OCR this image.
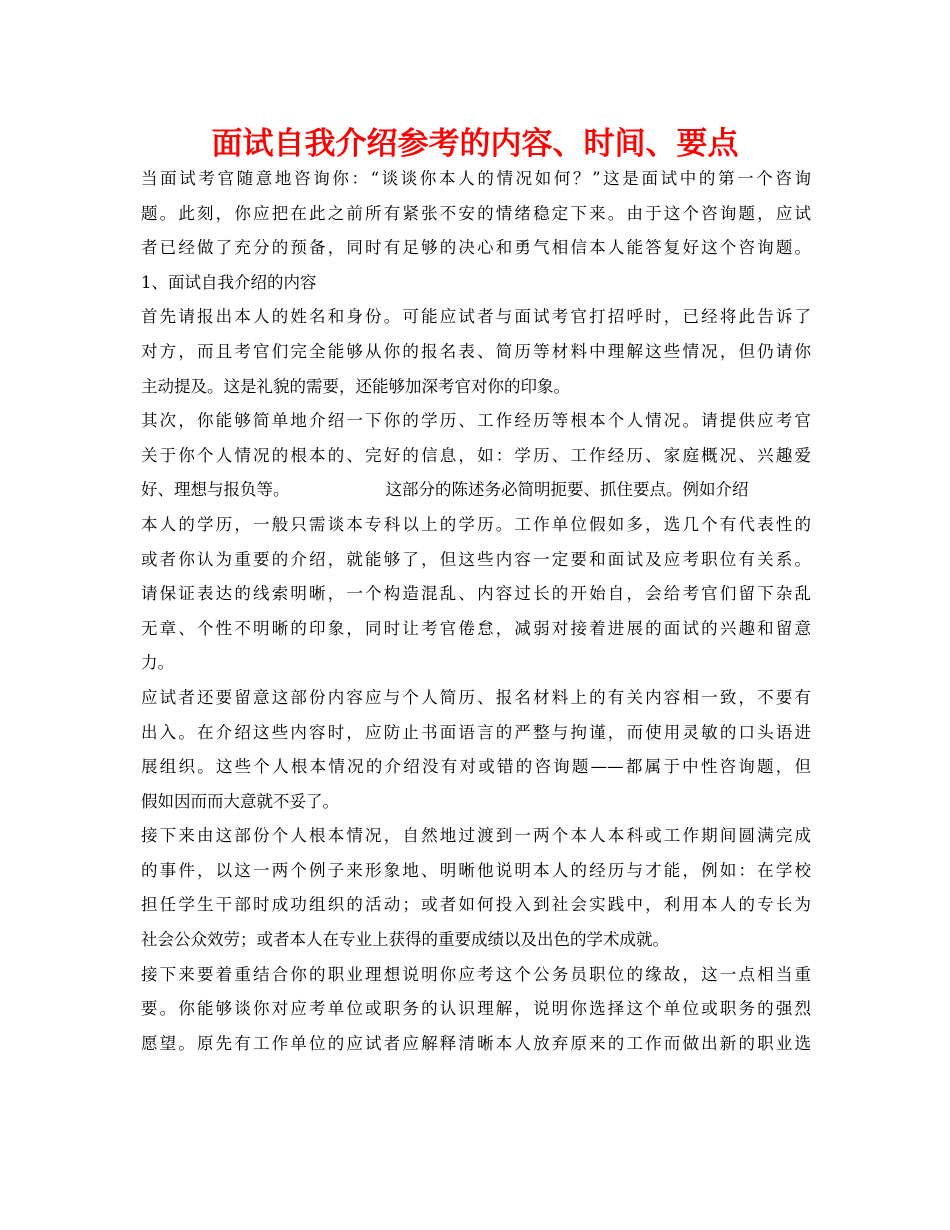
面试自我介绍参考的内容、时间、要点
当面试考官随意地咨询你：“谈谈你本人的情况如何？”这是面试中的第一个咨询
题。此刻，你应把在此之前所有紧张不安的情绪稳定下来。由于这个咨询题，应试
者已经做了充分的预备，同时有足够的决心和勇气相信本人能答复好这个咨询题。
1、面试自我介绍的内容
首先请报出本人的姓名和身份。可能应试者与面试考官打招呼时，已经将此告诉了
对方，而且考官们完全能够从你的报名表、简历等材料中理解这些情况，但仍请你
主动提及。这是礼貌的需要，还能够加深考官对你的印象。
其次，你能够简单地介绍一下你的学历、工作经历等根本个人情况。请提供应考官
关于你个人情况的根本的、完好的信息，如：学历、工作经历、家庭概况、兴趣爱
好、理想与报负等。	这部分的陈述务必简明扼要、抓住要点。例如介绍
本人的学历，一般只需谈本专科以上的学历。工作单位假如多，选几个有代表性的
或者你认为重要的介绍，就能够了，但这些内容一定要和面试及应考职位有关系。
请保证表达的线索明晰，一个构造混乱、内容过长的开始自，会给考官们留下杂乱
无章、个性不明晰的印象，同时让考官倦怠，减弱对接着进展的面试的兴趣和留意
力。
应试者还要留意这部份内容应与个人简历、报名材料上的有关内容相一致，不要有
出入。在介绍这些内容时，应防止书面语言的严整与拘谨，而使用灵敏的口头语进
展组织。这些个人根本情况的介绍没有对或错的咨询题——都属于中性咨询题，但
假如因而而大意就不妥了。
接下来由这部份个人根本情况，自然地过渡到一两个本人本科或工作期间圆满完成
的事件，以这一两个例子来形象地、明晰他说明本人的经历与才能，例如：在学校
担任学生干部时成功组织的活动；或者如何投入到社会实践中，利用本人的专长为
社会公众效劳；或者本人在专业上获得的重要成绩以及出色的学术成就。
接下来要着重结合你的职业理想说明你应考这个公务员职位的缘故，这一点相当重
要。你能够谈你对应考单位或职务的认识理解，说明你选择这个单位或职务的强烈
愿望。原先有工作单位的应试者应解释清晰本人放弃原来的工作而做出新的职业选
